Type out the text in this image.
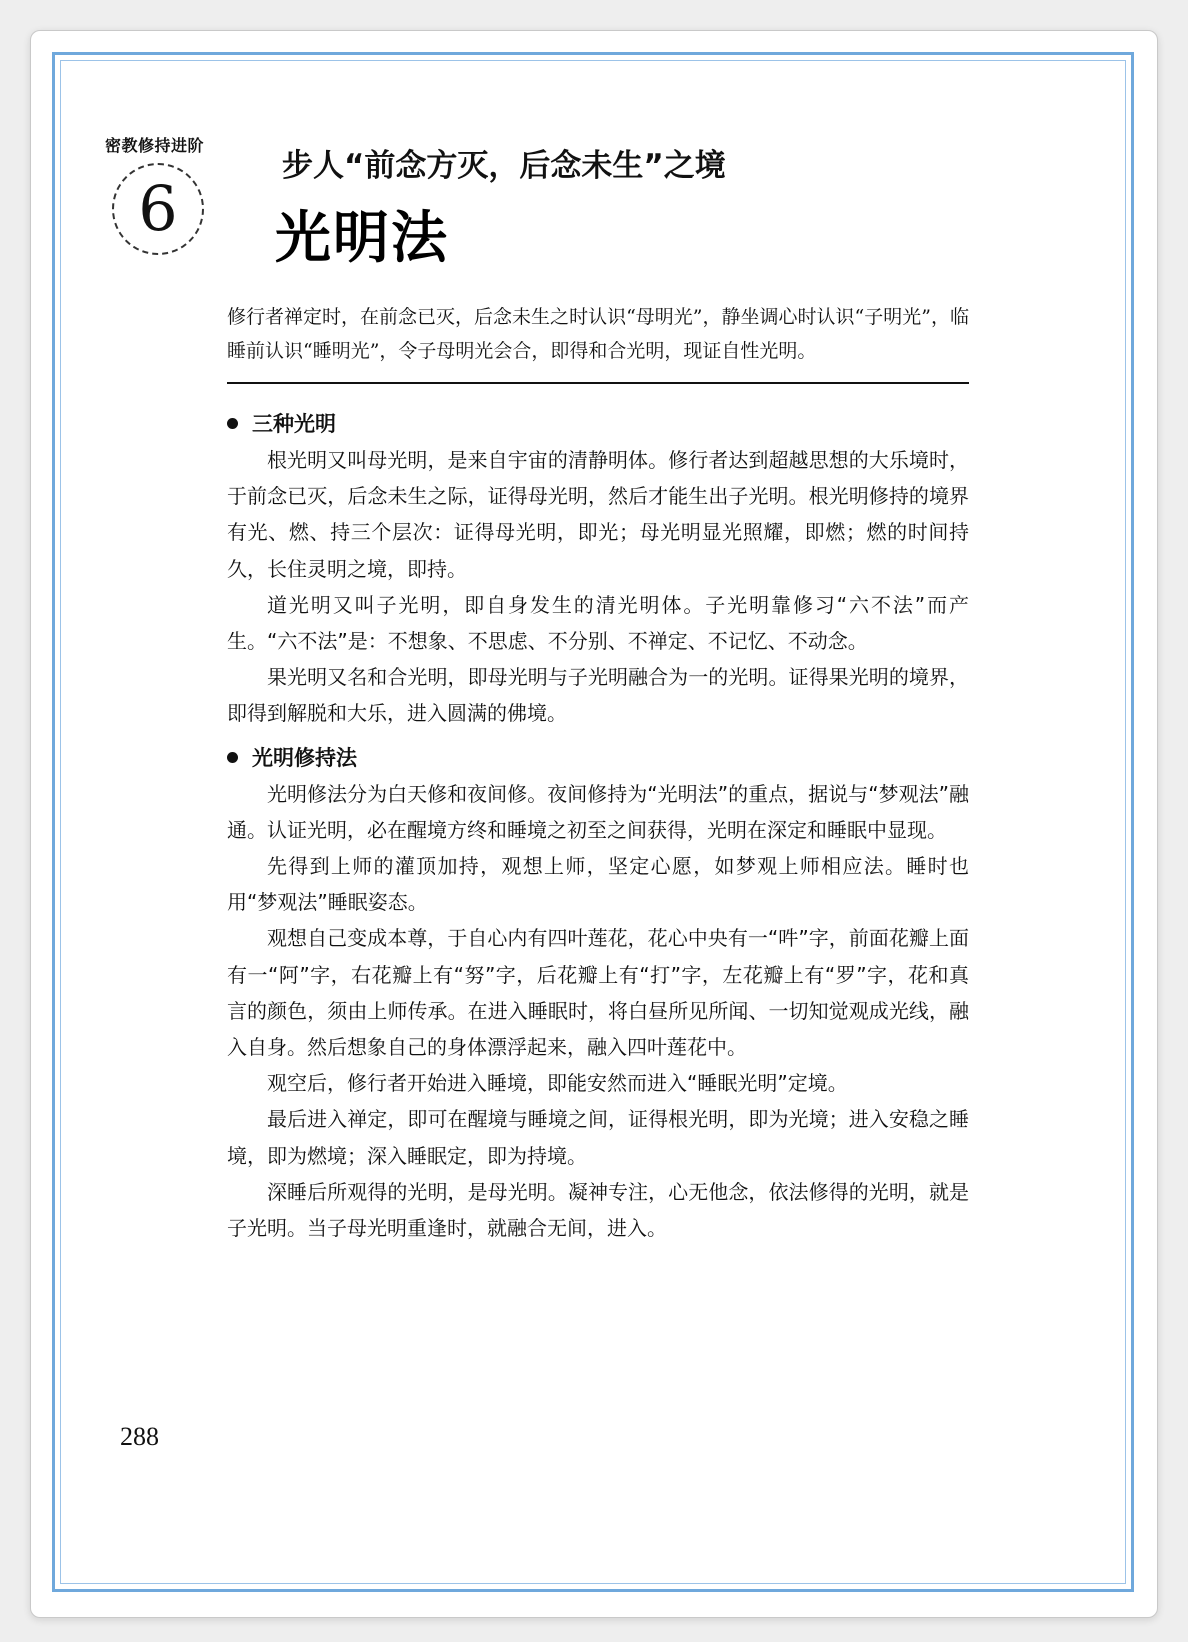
密教修持进阶
6
步人“前念方灭，后念未生”之境
光明法

修行者禅定时，在前念已灭，后念未生之时认识“母明光”，静坐调心时认识“子明光”，临睡前认识“睡明光”，令子母明光会合，即得和合光明，现证自性光明。

三种光明

根光明又叫母光明，是来自宇宙的清静明体。修行者达到超越思想的大乐境时，于前念已灭，后念未生之际，证得母光明，然后才能生出子光明。根光明修持的境界有光、燃、持三个层次：证得母光明，即光；母光明显光照耀，即燃；燃的时间持久，长住灵明之境，即持。

道光明又叫子光明，即自身发生的清光明体。子光明靠修习“六不法”而产生。“六不法”是：不想象、不思虑、不分别、不禅定、不记忆、不动念。

果光明又名和合光明，即母光明与子光明融合为一的光明。证得果光明的境界，即得到解脱和大乐，进入圆满的佛境。

光明修持法

光明修法分为白天修和夜间修。夜间修持为“光明法”的重点，据说与“梦观法”融通。认证光明，必在醒境方终和睡境之初至之间获得，光明在深定和睡眠中显现。

先得到上师的灌顶加持，观想上师，坚定心愿，如梦观上师相应法。睡时也用“梦观法”睡眠姿态。

观想自己变成本尊，于自心内有四叶莲花，花心中央有一“吽”字，前面花瓣上面有一“阿”字，右花瓣上有“努”字，后花瓣上有“打”字，左花瓣上有“罗”字，花和真言的颜色，须由上师传承。在进入睡眠时，将白昼所见所闻、一切知觉观成光线，融入自身。然后想象自己的身体漂浮起来，融入四叶莲花中。

观空后，修行者开始进入睡境，即能安然而进入“睡眠光明”定境。

最后进入禅定，即可在醒境与睡境之间，证得根光明，即为光境；进入安稳之睡境，即为燃境；深入睡眠定，即为持境。

深睡后所观得的光明，是母光明。凝神专注，心无他念，依法修得的光明，就是子光明。当子母光明重逢时，就融合无间，进入。

288
